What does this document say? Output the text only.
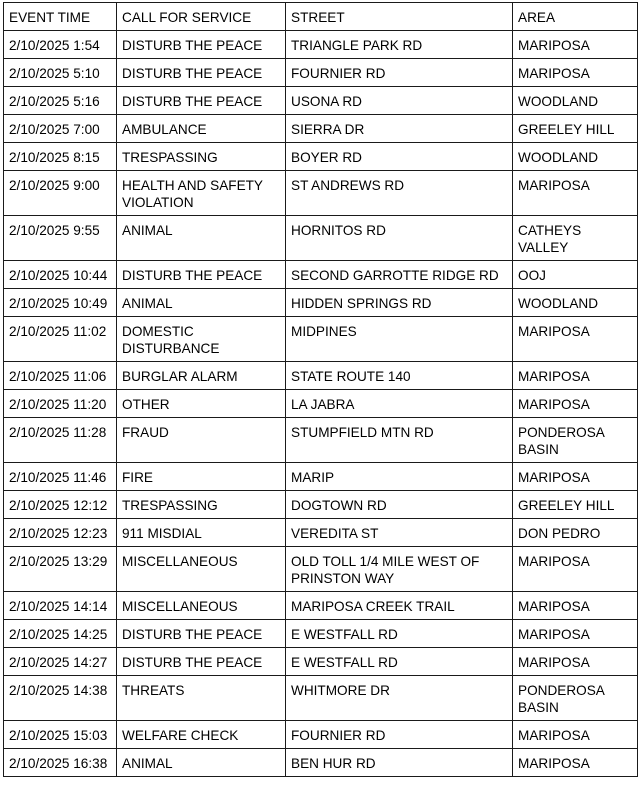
EVENT TIME	CALL FOR SERVICE	STREET	AREA
2/10/2025 1:54	DISTURB THE PEACE	TRIANGLE PARK RD	MARIPOSA
2/10/2025 5:10	DISTURB THE PEACE	FOURNIER RD	MARIPOSA
2/10/2025 5:16	DISTURB THE PEACE	USONA RD	WOODLAND
2/10/2025 7:00	AMBULANCE	SIERRA DR	GREELEY HILL
2/10/2025 8:15	TRESPASSING	BOYER RD	WOODLAND
2/10/2025 9:00	HEALTH AND SAFETY VIOLATION	ST ANDREWS RD	MARIPOSA
2/10/2025 9:55	ANIMAL	HORNITOS RD	CATHEYS VALLEY
2/10/2025 10:44	DISTURB THE PEACE	SECOND GARROTTE RIDGE RD	OOJ
2/10/2025 10:49	ANIMAL	HIDDEN SPRINGS RD	WOODLAND
2/10/2025 11:02	DOMESTIC DISTURBANCE	MIDPINES	MARIPOSA
2/10/2025 11:06	BURGLAR ALARM	STATE ROUTE 140	MARIPOSA
2/10/2025 11:20	OTHER	LA JABRA	MARIPOSA
2/10/2025 11:28	FRAUD	STUMPFIELD MTN RD	PONDEROSA BASIN
2/10/2025 11:46	FIRE	MARIP	MARIPOSA
2/10/2025 12:12	TRESPASSING	DOGTOWN RD	GREELEY HILL
2/10/2025 12:23	911 MISDIAL	VEREDITA ST	DON PEDRO
2/10/2025 13:29	MISCELLANEOUS	OLD TOLL 1/4 MILE WEST OF PRINSTON WAY	MARIPOSA
2/10/2025 14:14	MISCELLANEOUS	MARIPOSA CREEK TRAIL	MARIPOSA
2/10/2025 14:25	DISTURB THE PEACE	E WESTFALL RD	MARIPOSA
2/10/2025 14:27	DISTURB THE PEACE	E WESTFALL RD	MARIPOSA
2/10/2025 14:38	THREATS	WHITMORE DR	PONDEROSA BASIN
2/10/2025 15:03	WELFARE CHECK	FOURNIER RD	MARIPOSA
2/10/2025 16:38	ANIMAL	BEN HUR RD	MARIPOSA
